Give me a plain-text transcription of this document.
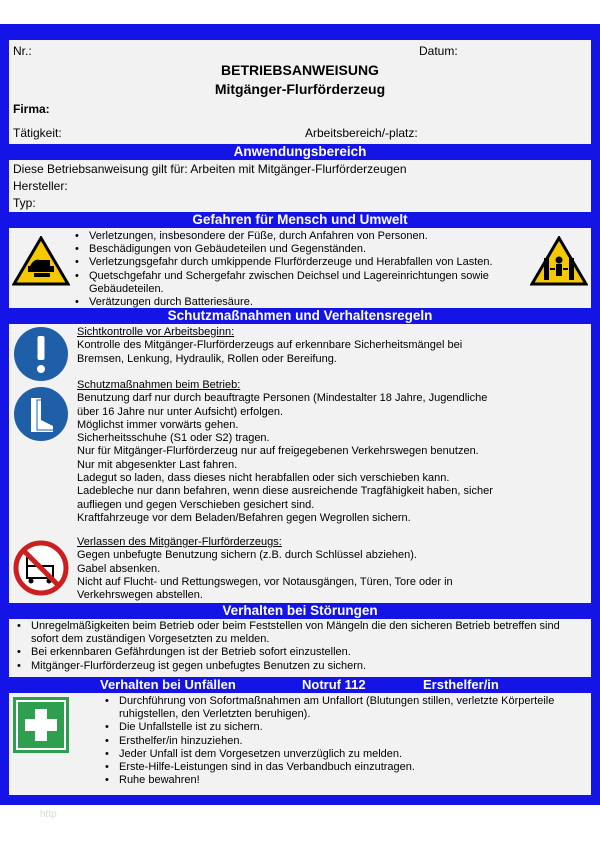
Nr.:	Datum:
BETRIEBSANWEISUNG
Mitgänger-Flurförderzeug
Firma:
Tätigkeit:	Arbeitsbereich/-platz:
Anwendungsbereich
Diese Betriebsanweisung gilt für: Arbeiten mit Mitgänger-Flurförderzeugen
Hersteller:
Typ:
Gefahren für Mensch und Umwelt
• Verletzungen, insbesondere der Füße, durch Anfahren von Personen.
• Beschädigungen von Gebäudeteilen und Gegenständen.
• Verletzungsgefahr durch umkippende Flurförderzeuge und Herabfallen von Lasten.
• Quetschgefahr und Schergefahr zwischen Deichsel und Lagereinrichtungen sowie Gebäudeteilen.
• Verätzungen durch Batteriesäure.
Schutzmaßnahmen und Verhaltensregeln
Sichtkontrolle vor Arbeitsbeginn:
Kontrolle des Mitgänger-Flurförderzeugs auf erkennbare Sicherheitsmängel bei
Bremsen, Lenkung, Hydraulik, Rollen oder Bereifung.
Schutzmaßnahmen beim Betrieb:
Benutzung darf nur durch beauftragte Personen (Mindestalter 18 Jahre, Jugendliche
über 16 Jahre nur unter Aufsicht) erfolgen.
Möglichst immer vorwärts gehen.
Sicherheitsschuhe (S1 oder S2) tragen.
Nur für Mitgänger-Flurförderzeug nur auf freigegebenen Verkehrswegen benutzen.
Nur mit abgesenkter Last fahren.
Ladegut so laden, dass dieses nicht herabfallen oder sich verschieben kann.
Ladebleche nur dann befahren, wenn diese ausreichende Tragfähigkeit haben, sicher
aufliegen und gegen Verschieben gesichert sind.
Kraftfahrzeuge vor dem Beladen/Befahren gegen Wegrollen sichern.
Verlassen des Mitgänger-Flurförderzeugs:
Gegen unbefugte Benutzung sichern (z.B. durch Schlüssel abziehen).
Gabel absenken.
Nicht auf Flucht- und Rettungswegen, vor Notausgängen, Türen, Tore oder in
Verkehrswegen abstellen.
Verhalten bei Störungen
• Unregelmäßigkeiten beim Betrieb oder beim Feststellen von Mängeln die den sicheren Betrieb betreffen sind sofort dem zuständigen Vorgesetzten zu melden.
• Bei erkennbaren Gefährdungen ist der Betrieb sofort einzustellen.
• Mitgänger-Flurförderzeug ist gegen unbefugtes Benutzen zu sichern.
Verhalten bei Unfällen	Notruf 112	Ersthelfer/in
• Durchführung von Sofortmaßnahmen am Unfallort (Blutungen stillen, verletzte Körperteile ruhigstellen, den Verletzten beruhigen).
• Die Unfallstelle ist zu sichern.
• Ersthelfer/in hinzuziehen.
• Jeder Unfall ist dem Vorgesetzen unverzüglich zu melden.
• Erste-Hilfe-Leistungen sind in das Verbandbuch einzutragen.
• Ruhe bewahren!
http
